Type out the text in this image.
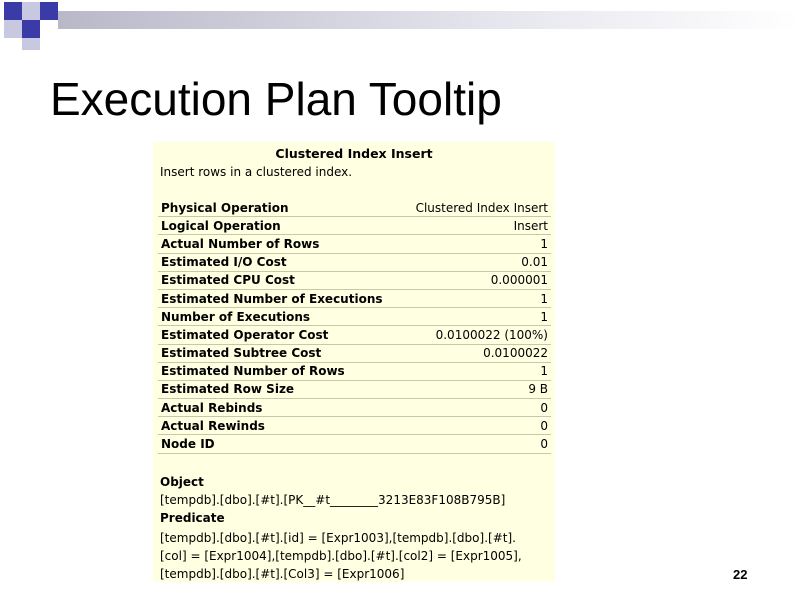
Execution Plan Tooltip
Clustered Index Insert
Insert rows in a clustered index.
Physical Operation	Clustered Index Insert
Logical Operation	Insert
Actual Number of Rows	1
Estimated I/O Cost	0.01
Estimated CPU Cost	0.000001
Estimated Number of Executions	1
Number of Executions	1
Estimated Operator Cost	0.0100022 (100%)
Estimated Subtree Cost	0.0100022
Estimated Number of Rows	1
Estimated Row Size	9 B
Actual Rebinds	0
Actual Rewinds	0
Node ID	0
Object
[tempdb].[dbo].[#t].[PK__#t________3213E83F108B795B]
Predicate
[tempdb].[dbo].[#t].[id] = [Expr1003],[tempdb].[dbo].[#t].
[col] = [Expr1004],[tempdb].[dbo].[#t].[col2] = [Expr1005],
[tempdb].[dbo].[#t].[Col3] = [Expr1006]	22
